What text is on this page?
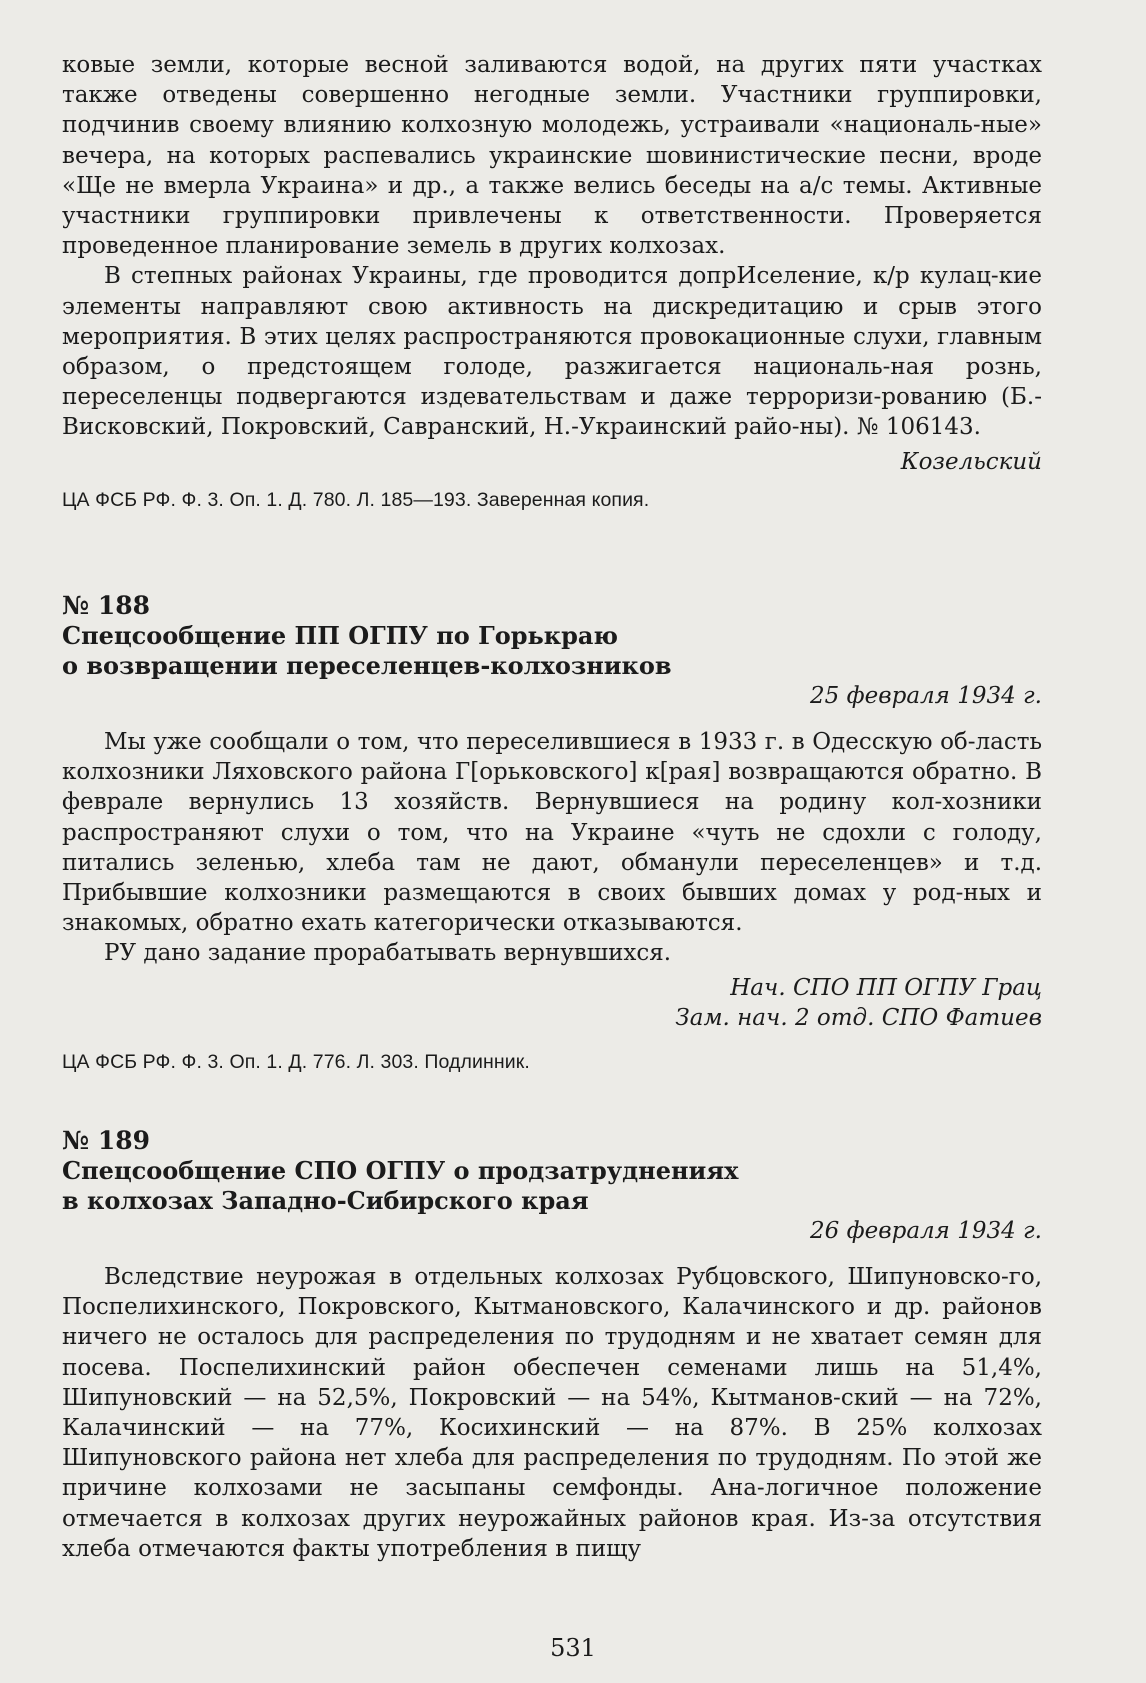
ковые земли, которые весной заливаются водой, на других пяти участках также отведены совершенно негодные земли. Участники группировки, подчинив своему влиянию колхозную молодежь, устраивали «националь-ные» вечера, на которых распевались украинские шовинистические песни, вроде «Ще не вмерла Украина» и др., а также велись беседы на а/с темы. Активные участники группировки привлечены к ответственности. Проверяется проведенное планирование земель в других колхозах.

В степных районах Украины, где проводится допрИселение, к/р кулац-кие элементы направляют свою активность на дискредитацию и срыв этого мероприятия. В этих целях распространяются провокационные слухи, главным образом, о предстоящем голоде, разжигается националь-ная рознь, переселенцы подвергаются издевательствам и даже терроризи-рованию (Б.-Висковский, Покровский, Савранский, Н.-Украинский райо-ны). № 106143.

Козельский

ЦА ФСБ РФ. Ф. 3. Оп. 1. Д. 780. Л. 185—193. Заверенная копия.

№ 188

Спецсообщение ПП ОГПУ по Горькраю

о возвращении переселенцев-колхозников

25 февраля 1934 г.

Мы уже сообщали о том, что переселившиеся в 1933 г. в Одесскую об-ласть колхозники Ляховского района Г[орьковского] к[рая] возвращаются обратно. В феврале вернулись 13 хозяйств. Вернувшиеся на родину кол-хозники распространяют слухи о том, что на Украине «чуть не сдохли с голоду, питались зеленью, хлеба там не дают, обманули переселенцев» и т.д. Прибывшие колхозники размещаются в своих бывших домах у род-ных и знакомых, обратно ехать категорически отказываются.

РУ дано задание прорабатывать вернувшихся.

Нач. СПО ПП ОГПУ Грац

Зам. нач. 2 отд. СПО Фатиев

ЦА ФСБ РФ. Ф. 3. Оп. 1. Д. 776. Л. 303. Подлинник.

№ 189

Спецсообщение СПО ОГПУ о продзатруднениях

в колхозах Западно-Сибирского края

26 февраля 1934 г.

Вследствие неурожая в отдельных колхозах Рубцовского, Шипуновско-го, Поспелихинского, Покровского, Кытмановского, Калачинского и др. районов ничего не осталось для распределения по трудодням и не хватает семян для посева. Поспелихинский район обеспечен семенами лишь на 51,4%, Шипуновский — на 52,5%, Покровский — на 54%, Кытманов-ский — на 72%, Калачинский — на 77%, Косихинский — на 87%. В 25% колхозах Шипуновского района нет хлеба для распределения по трудодням. По этой же причине колхозами не засыпаны семфонды. Ана-логичное положение отмечается в колхозах других неурожайных районов края. Из-за отсутствия хлеба отмечаются факты употребления в пищу

531
